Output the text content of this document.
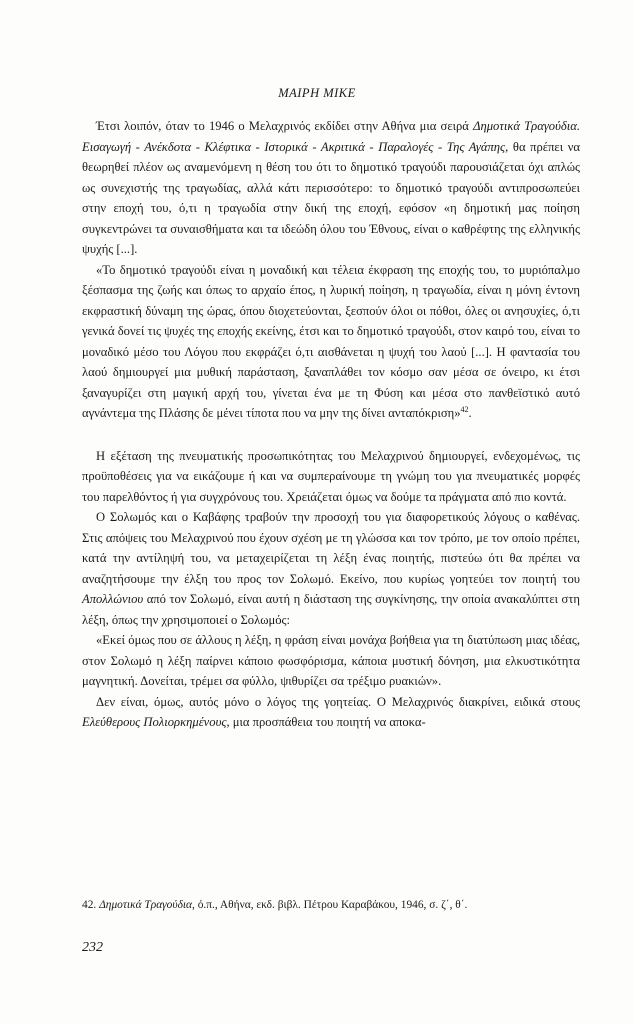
ΜΑΙΡΗ ΜΙΚΕ

Έτσι λοιπόν, όταν το 1946 ο Μελαχρινός εκδίδει στην Αθήνα μια σειρά Δημοτικά Τραγούδια. Εισαγωγή - Ανέκδοτα - Κλέφτικα - Ιστορικά - Ακριτικά - Παραλογές - Της Αγάπης, θα πρέπει να θεωρηθεί πλέον ως αναμενόμενη η θέση του ότι το δημοτικό τραγούδι παρουσιάζεται όχι απλώς ως συνεχιστής της τραγωδίας, αλλά κάτι περισσότερο: το δημοτικό τραγούδι αντιπροσωπεύει στην εποχή του, ό,τι η τραγωδία στην δική της εποχή, εφόσον «η δημοτική μας ποίηση συγκεντρώνει τα συναισθήματα και τα ιδεώδη όλου του Έθνους, είναι ο καθρέφτης της ελληνικής ψυχής [...].

«Το δημοτικό τραγούδι είναι η μοναδική και τέλεια έκφραση της εποχής του, το μυριόπαλμο ξέσπασμα της ζωής και όπως το αρχαίο έπος, η λυρική ποίηση, η τραγωδία, είναι η μόνη έντονη εκφραστική δύναμη της ώρας, όπου διοχετεύονται, ξεσπούν όλοι οι πόθοι, όλες οι ανησυχίες, ό,τι γενικά δονεί τις ψυχές της εποχής εκείνης, έτσι και το δημοτικό τραγούδι, στον καιρό του, είναι το μοναδικό μέσο του Λόγου που εκφράζει ό,τι αισθάνεται η ψυχή του λαού [...]. Η φαντασία του λαού δημιουργεί μια μυθική παράσταση, ξαναπλάθει τον κόσμο σαν μέσα σε όνειρο, κι έτσι ξαναγυρίζει στη μαγική αρχή του, γίνεται ένα με τη Φύση και μέσα στο πανθεϊστικό αυτό αγνάντεμα της Πλάσης δε μένει τίποτα που να μην της δίνει ανταπόκριση»$^{42}$.

Η εξέταση της πνευματικής προσωπικότητας του Μελαχρινού δημιουργεί, ενδεχομένως, τις προϋποθέσεις για να εικάζουμε ή και να συμπεραίνουμε τη γνώμη του για πνευματικές μορφές του παρελθόντος ή για συγχρόνους του. Χρειάζεται όμως να δούμε τα πράγματα από πιο κοντά.

Ο Σολωμός και ο Καβάφης τραβούν την προσοχή του για διαφορετικούς λόγους ο καθένας. Στις απόψεις του Μελαχρινού που έχουν σχέση με τη γλώσσα και τον τρόπο, με τον οποίο πρέπει, κατά την αντίληψή του, να μεταχειρίζεται τη λέξη ένας ποιητής, πιστεύω ότι θα πρέπει να αναζητήσουμε την έλξη του προς τον Σολωμό. Εκείνο, που κυρίως γοητεύει τον ποιητή του Απολλώνιου από τον Σολωμό, είναι αυτή η διάσταση της συγκίνησης, την οποία ανακαλύπτει στη λέξη, όπως την χρησιμοποιεί ο Σολωμός:

«Εκεί όμως που σε άλλους η λέξη, η φράση είναι μονάχα βοήθεια για τη διατύπωση μιας ιδέας, στον Σολωμό η λέξη παίρνει κάποιο φωσφόρισμα, κάποια μυστική δόνηση, μια ελκυστικότητα μαγνητική. Δονείται, τρέμει σα φύλλο, ψιθυρίζει σα τρέξιμο ρυακιών».

Δεν είναι, όμως, αυτός μόνο ο λόγος της γοητείας. Ο Μελαχρινός διακρίνει, ειδικά στους Ελεύθερους Πολιορκημένους, μια προσπάθεια του ποιητή να αποκα-

42. Δημοτικά Τραγούδια, ό.π., Αθήνα, εκδ. βιβλ. Πέτρου Καραβάκου, 1946, σ. ζ΄, θ΄.
232
